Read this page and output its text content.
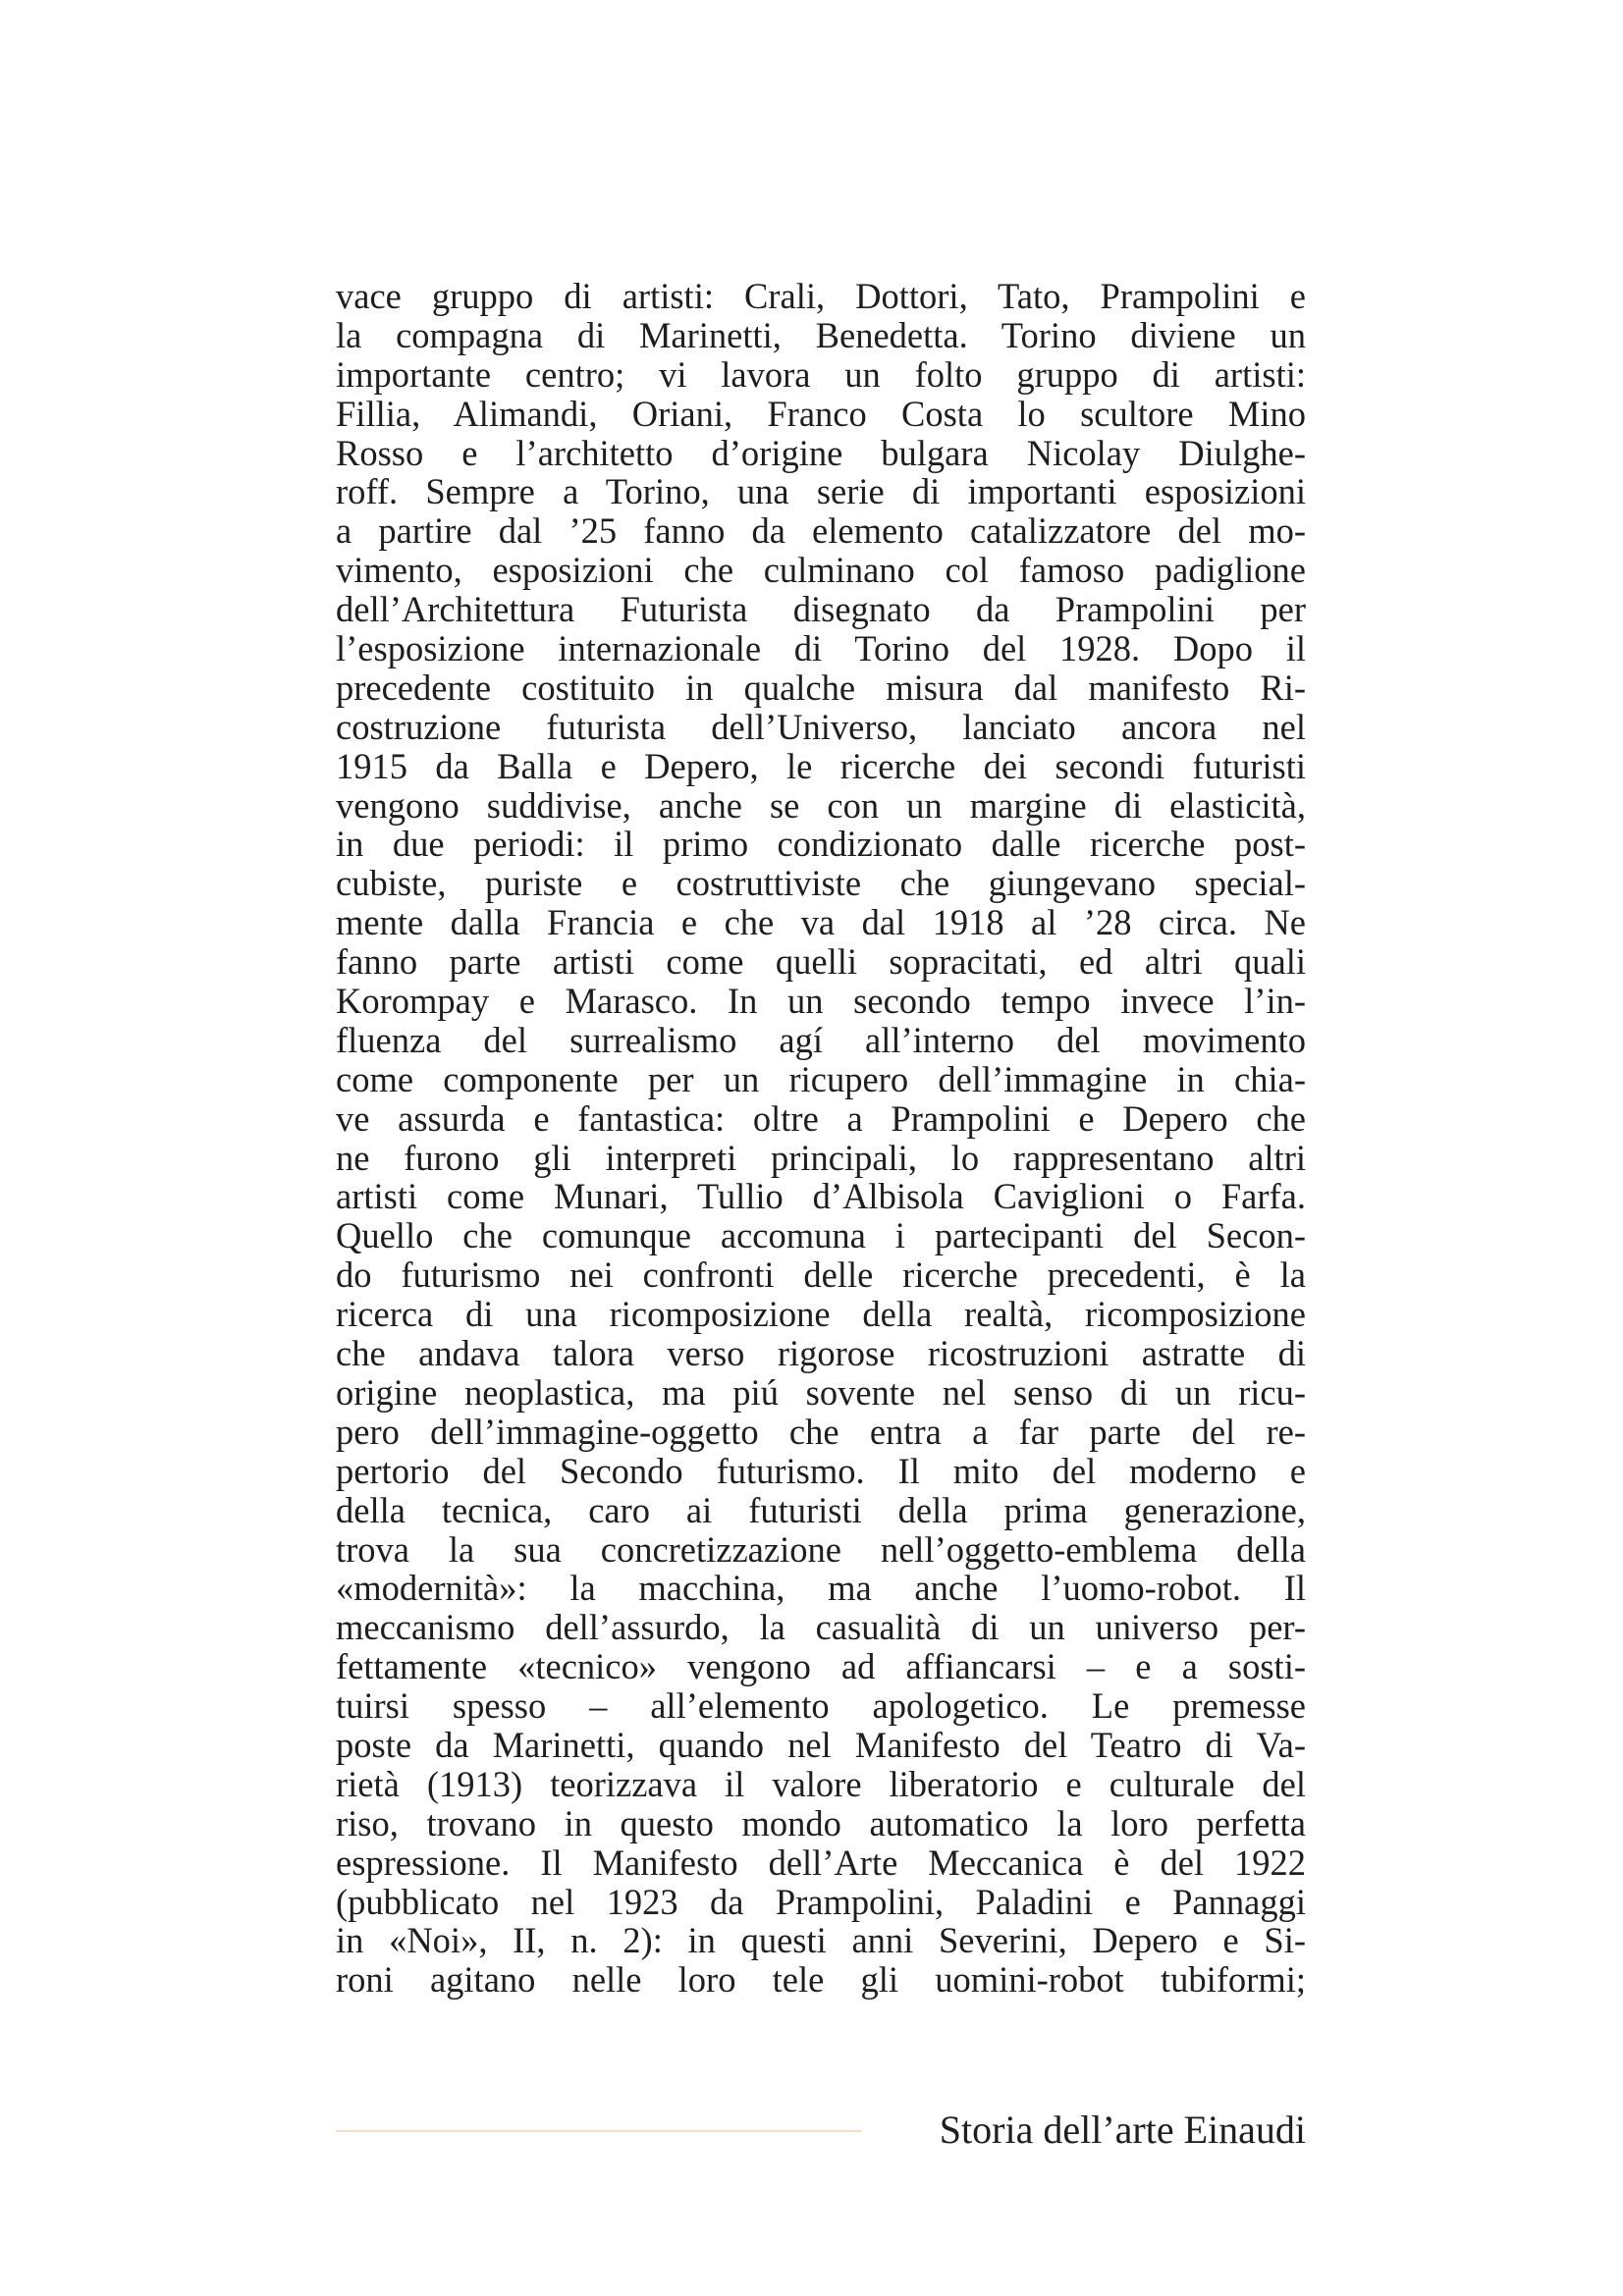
vace gruppo di artisti: Crali, Dottori, Tato, Prampolini e
la compagna di Marinetti, Benedetta. Torino diviene un
importante centro; vi lavora un folto gruppo di artisti:
Fillia, Alimandi, Oriani, Franco Costa lo scultore Mino
Rosso e l’architetto d’origine bulgara Nicolay Diulghe-
roff. Sempre a Torino, una serie di importanti esposizioni
a partire dal ’25 fanno da elemento catalizzatore del mo-
vimento, esposizioni che culminano col famoso padiglione
dell’Architettura Futurista disegnato da Prampolini per
l’esposizione internazionale di Torino del 1928. Dopo il
precedente costituito in qualche misura dal manifesto Ri-
costruzione futurista dell’Universo, lanciato ancora nel
1915 da Balla e Depero, le ricerche dei secondi futuristi
vengono suddivise, anche se con un margine di elasticità,
in due periodi: il primo condizionato dalle ricerche post-
cubiste, puriste e costruttiviste che giungevano special-
mente dalla Francia e che va dal 1918 al ’28 circa. Ne
fanno parte artisti come quelli sopracitati, ed altri quali
Korompay e Marasco. In un secondo tempo invece l’in-
fluenza del surrealismo agí all’interno del movimento
come componente per un ricupero dell’immagine in chia-
ve assurda e fantastica: oltre a Prampolini e Depero che
ne furono gli interpreti principali, lo rappresentano altri
artisti come Munari, Tullio d’Albisola Caviglioni o Farfa.
Quello che comunque accomuna i partecipanti del Secon-
do futurismo nei confronti delle ricerche precedenti, è la
ricerca di una ricomposizione della realtà, ricomposizione
che andava talora verso rigorose ricostruzioni astratte di
origine neoplastica, ma piú sovente nel senso di un ricu-
pero dell’immagine-oggetto che entra a far parte del re-
pertorio del Secondo futurismo. Il mito del moderno e
della tecnica, caro ai futuristi della prima generazione,
trova la sua concretizzazione nell’oggetto-emblema della
«modernità»: la macchina, ma anche l’uomo-robot. Il
meccanismo dell’assurdo, la casualità di un universo per-
fettamente «tecnico» vengono ad affiancarsi – e a sosti-
tuirsi spesso – all’elemento apologetico. Le premesse
poste da Marinetti, quando nel Manifesto del Teatro di Va-
rietà (1913) teorizzava il valore liberatorio e culturale del
riso, trovano in questo mondo automatico la loro perfetta
espressione. Il Manifesto dell’Arte Meccanica è del 1922
(pubblicato nel 1923 da Prampolini, Paladini e Pannaggi
in «Noi», II, n. 2): in questi anni Severini, Depero e Si-
roni agitano nelle loro tele gli uomini-robot tubiformi;
Storia dell’arte Einaudi
